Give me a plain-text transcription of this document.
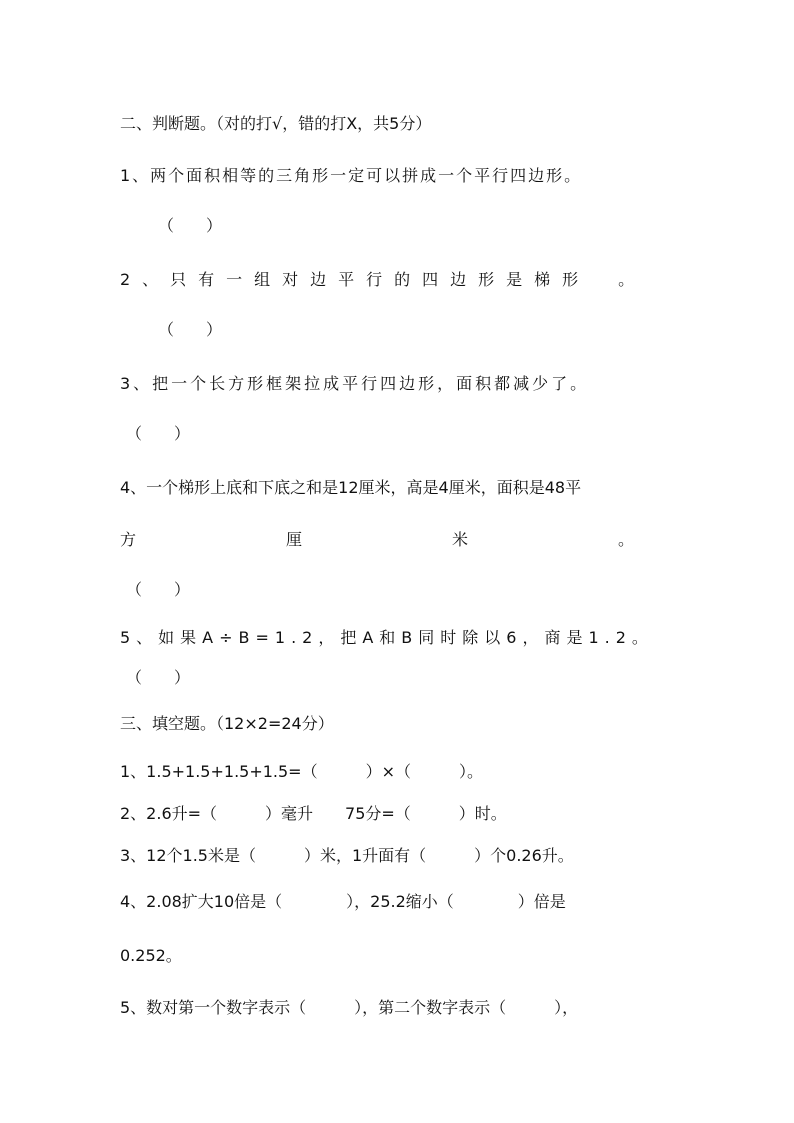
二、判断题。（对的打√，错的打X，共5分）
1、两个面积相等的三角形一定可以拼成一个平行四边形。
（　　）
2、只有一组对边平行的四边形是梯形　。
（　　）
3、把一个长方形框架拉成平行四边形，面积都减少了。
（　　）
4、一个梯形上底和下底之和是12厘米，高是4厘米，面积是48平
方厘米。
（　　）
5、如果A÷B=1.2，把A和B同时除以6，商是1.2。
（　　）
三、填空题。（12×2=24分）
1、1.5+1.5+1.5+1.5=（　　　）×（　　　）。
2、2.6升=（　　　）毫升　　75分=（　　　）时。
3、12个1.5米是（　　　）米，1升面有（　　　）个0.26升。
4、2.08扩大10倍是（　　　　），25.2缩小（　　　　）倍是
0.252。
5、数对第一个数字表示（　　　），第二个数字表示（　　　），
